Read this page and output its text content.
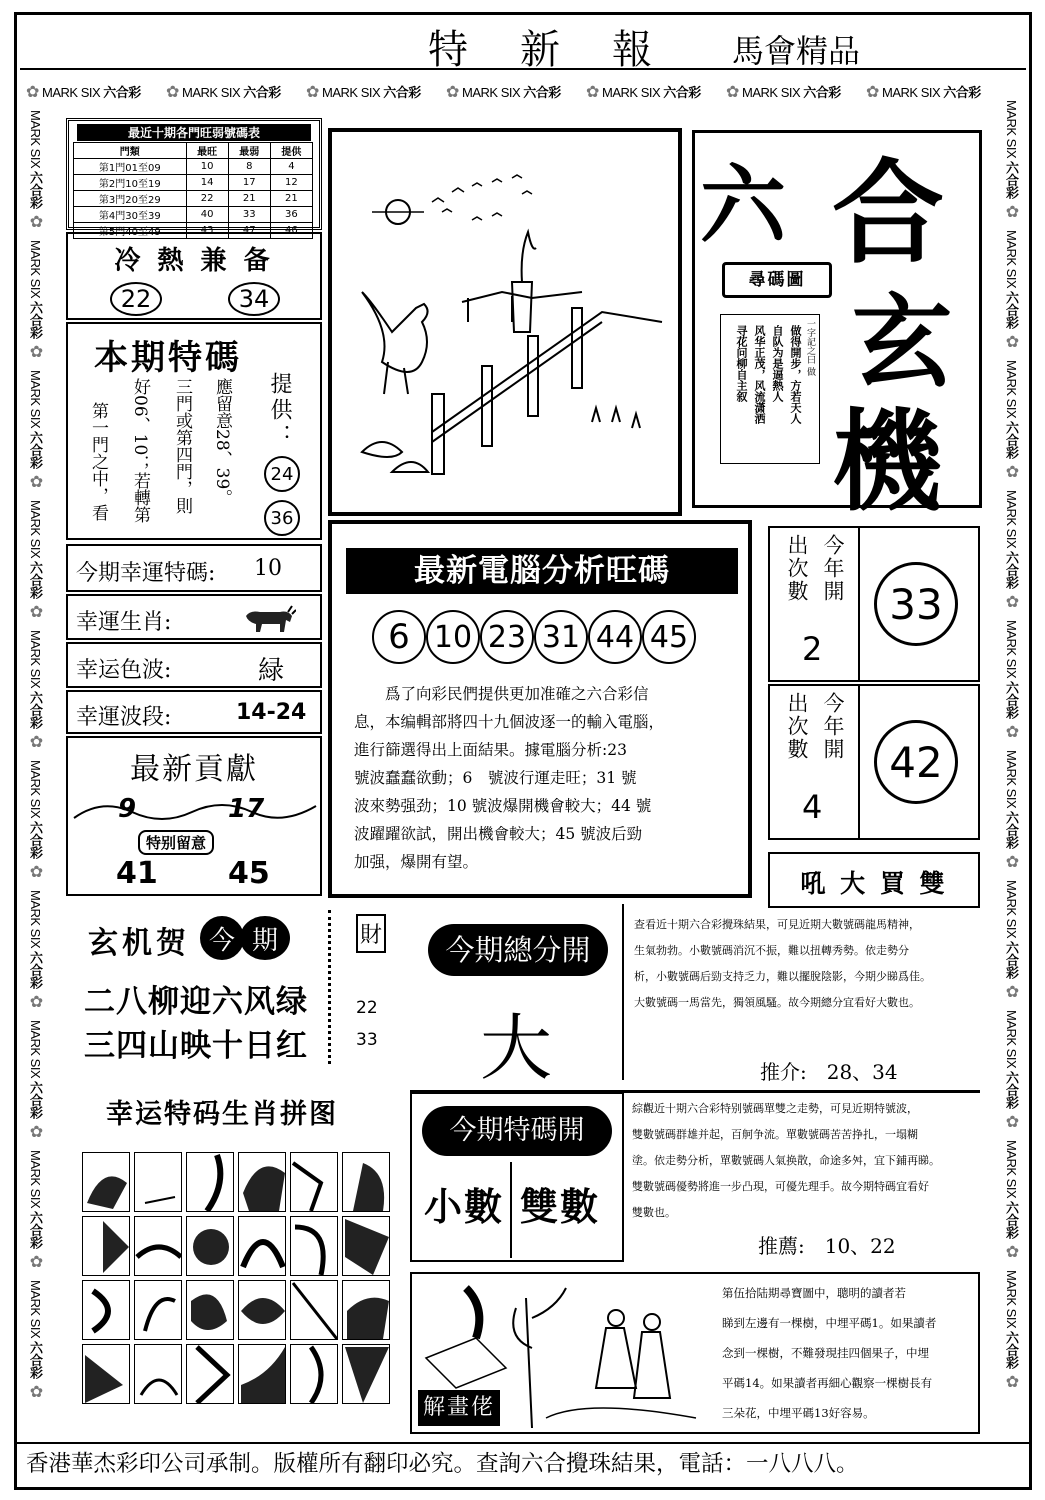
特　新　報 馬會精品
✿ MARK SIX 六合彩 ✿ MARK SIX 六合彩 ✿ MARK SIX 六合彩 ✿ MARK SIX 六合彩 ✿ MARK SIX 六合彩 ✿ MARK SIX 六合彩 ✿ MARK SIX 六合彩
MARK SIX 六合彩 ✿
MARK SIX 六合彩 ✿
MARK SIX 六合彩 ✿
MARK SIX 六合彩 ✿
MARK SIX 六合彩 ✿
MARK SIX 六合彩 ✿
MARK SIX 六合彩 ✿
MARK SIX 六合彩 ✿
MARK SIX 六合彩 ✿
MARK SIX 六合彩 ✿
MARK SIX 六合彩 ✿
MARK SIX 六合彩 ✿
MARK SIX 六合彩 ✿
MARK SIX 六合彩 ✿
MARK SIX 六合彩 ✿
MARK SIX 六合彩 ✿
MARK SIX 六合彩 ✿
MARK SIX 六合彩 ✿
MARK SIX 六合彩 ✿
MARK SIX 六合彩 ✿
最近十期各門旺弱號碼表
門類	最旺	最弱	提供
第1門01至09	10	8	4
第2門10至19	14	17	12
第3門20至29	22	21	21
第4門30至39	40	33	36
第5門40至49	43	47	46
冷 熱 兼 备
22	34
本期特碼
第一門之中，看 好06、10；若轉第 三門或第四門，則 應留意28、39。 提供：
24
36
今期幸運特碼: 10
幸運生肖:
幸运色波:	緑
幸運波段:	14-24
最新貢獻
9	17
特别留意
41 45
六 合
玄
機
尋碼圖
一字記之曰 做
做得開步，方若天人
自队为是逼熱人
风华正茂，风流潇洒
寻花问柳自主叙
最新電腦分析旺碼
6 10 23 31 44 45
　　爲了向彩民們提供更加准確之六合彩信
息，本编輯部將四十九個波逐一的輸入電腦，
進行篩選得出上面結果。據電腦分析:23
號波蠢蠢欲動；6　號波行運走旺；31 號
波來勢强劲；10 號波爆開機會較大；44 號
波躍躍欲試，開出機會較大；45 號波后勁
加强，爆開有望。
出次數 今年開
2
33
出次數 今年開
4
42
吼 大 買 雙
玄机贺 今 期
二八柳迎六风绿
三四山映十日红
財
22
33
今期總分開
大
查看近十期六合彩攪珠結果，可見近期大數號碼龍馬精神，
生氣勃勃。小數號碼消沉不振，難以扭轉秀勢。依走勢分
析，小數號碼后勁支持乏力，難以擺脫陰影，今期少睇爲佳。
大數號碼一馬當先，獨領風騷。故今期總分宜看好大數也。
推介:　28、34
幸运特码生肖拼图
今期特碼開
小數 雙數
綜觀近十期六合彩特别號碼單雙之走勢，可見近期特號波，
雙數號碼群雄并起，百舸争流。單數號碼苦苦挣扎，一塌糊
塗。依走勢分析，單數號碼人氣换散，命途多舛，宜下鋪再睇。
雙數號碼優勢將進一步凸現，可優先理手。故今期特碼宜看好
雙數也。
推薦:　10、22
解畫佬
第伍拾陆期尋寶圖中，聰明的讀者若
睇到左邊有一棵樹，中埋平碼1。如果讀者
念到一棵樹，不難發現挂四個果子，中埋
平碼14。如果讀者再細心觀察一棵樹長有
三朵花，中埋平碼13好容易。
香港華杰彩印公司承制。版權所有翻印必究。查詢六合攪珠結果，電話：一八八八。
